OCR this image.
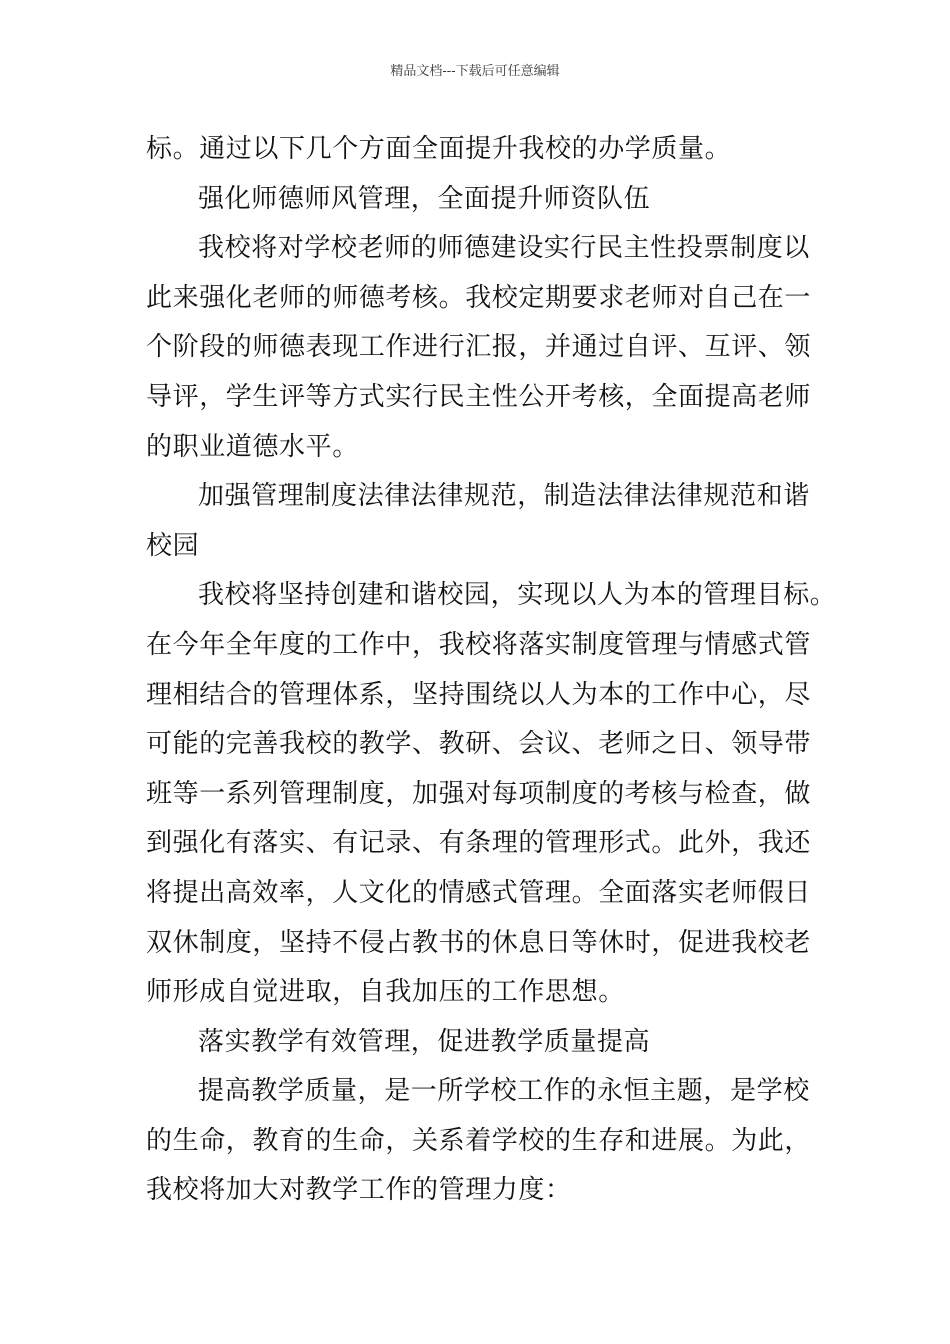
精品文档---下载后可任意编辑

标。通过以下几个方面全面提升我校的办学质量。

强化师德师风管理，全面提升师资队伍

我校将对学校老师的师德建设实行民主性投票制度以

此来强化老师的师德考核。我校定期要求老师对自己在一

个阶段的师德表现工作进行汇报，并通过自评、互评、领

导评，学生评等方式实行民主性公开考核，全面提高老师

的职业道德水平。

加强管理制度法律法律规范，制造法律法律规范和谐

校园

我校将坚持创建和谐校园，实现以人为本的管理目标。

在今年全年度的工作中，我校将落实制度管理与情感式管

理相结合的管理体系，坚持围绕以人为本的工作中心，尽

可能的完善我校的教学、教研、会议、老师之日、领导带

班等一系列管理制度，加强对每项制度的考核与检查，做

到强化有落实、有记录、有条理的管理形式。此外，我还

将提出高效率，人文化的情感式管理。全面落实老师假日

双休制度，坚持不侵占教书的休息日等休时，促进我校老

师形成自觉进取，自我加压的工作思想。

落实教学有效管理，促进教学质量提高

提高教学质量，是一所学校工作的永恒主题，是学校

的生命，教育的生命，关系着学校的生存和进展。为此，

我校将加大对教学工作的管理力度：
